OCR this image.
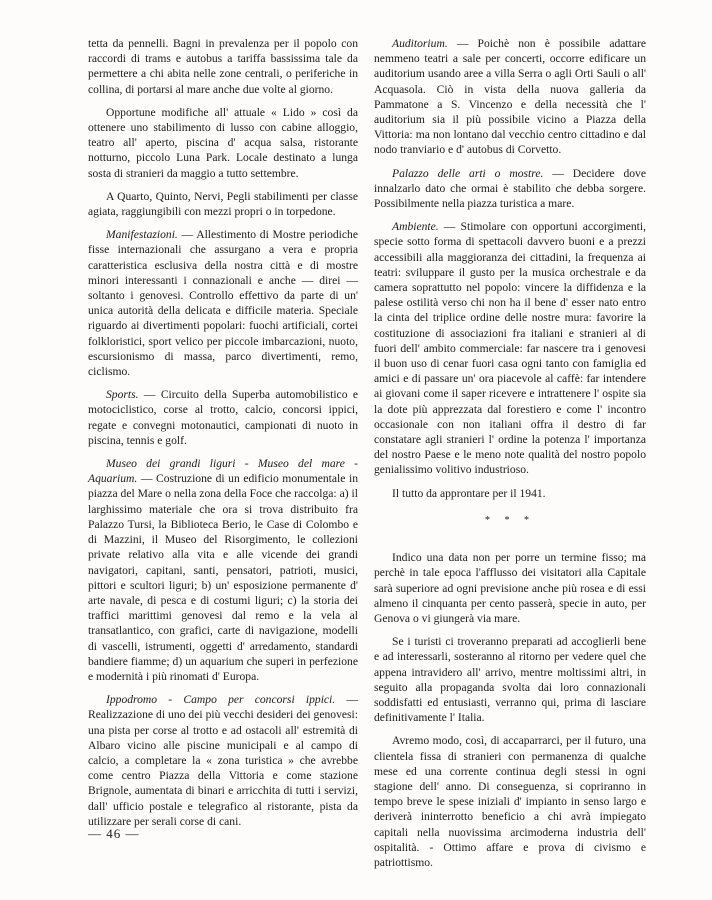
tetta da pennelli. Bagni in prevalenza per il popolo con raccordi di trams e autobus a tariffa bassissima tale da permettere a chi abita nelle zone centrali, o periferiche in collina, di portarsi al mare anche due volte al giorno.

Opportune modifiche all' attuale « Lido » così da ottenere uno stabilimento di lusso con cabine alloggio, teatro all' aperto, piscina d' acqua salsa, ristorante notturno, piccolo Luna Park. Locale destinato a lunga sosta di stranieri da maggio a tutto settembre.

A Quarto, Quinto, Nervi, Pegli stabilimenti per classe agiata, raggiungibili con mezzi propri o in torpedone.

Manifestazioni. — Allestimento di Mostre periodiche fisse internazionali che assurgano a vera e propria caratteristica esclusiva della nostra città e di mostre minori interessanti i connazionali e anche — direi — soltanto i genovesi. Controllo effettivo da parte di un' unica autorità della delicata e difficile materia. Speciale riguardo ai divertimenti popolari: fuochi artificiali, cortei folkloristici, sport velico per piccole imbarcazioni, nuoto, escursionismo di massa, parco divertimenti, remo, ciclismo.

Sports. — Circuito della Superba automobilistico e motociclistico, corse al trotto, calcio, concorsi ippici, regate e convegni motonautici, campionati di nuoto in piscina, tennis e golf.

Museo dei grandi liguri - Museo del mare - Aquarium. — Costruzione di un edificio monumentale in piazza del Mare o nella zona della Foce che raccolga: a) il larghissimo materiale che ora si trova distribuito fra Palazzo Tursi, la Biblioteca Berio, le Case di Colombo e di Mazzini, il Museo del Risorgimento, le collezioni private relativo alla vita e alle vicende dei grandi navigatori, capitani, santi, pensatori, patrioti, musici, pittori e scultori liguri; b) un' esposizione permanente d' arte navale, di pesca e di costumi liguri; c) la storia dei traffici marittimi genovesi dal remo e la vela al transatlantico, con grafici, carte di navigazione, modelli di vascelli, istrumenti, oggetti d' arredamento, standardi bandiere fiamme; d) un aquarium che superi in perfezione e modernità i più rinomati d' Europa.

Ippodromo - Campo per concorsi ippici. — Realizzazione di uno dei più vecchi desideri dei genovesi: una pista per corse al trotto e ad ostacoli all' estremità di Albaro vicino alle piscine municipali e al campo di calcio, a completare la « zona turistica » che avrebbe come centro Piazza della Vittoria e come stazione Brignole, aumentata di binari e arricchita di tutti i servizi, dall' ufficio postale e telegrafico al ristorante, pista da utilizzare per serali corse di cani.

Auditorium. — Poichè non è possibile adattare nemmeno teatri a sale per concerti, occorre edificare un auditorium usando aree a villa Serra o agli Orti Sauli o all' Acquasola. Ciò in vista della nuova galleria da Pammatone a S. Vincenzo e della necessità che l' auditorium sia il più possibile vicino a Piazza della Vittoria: ma non lontano dal vecchio centro cittadino e dal nodo tranviario e d' autobus di Corvetto.

Palazzo delle arti o mostre. — Decidere dove innalzarlo dato che ormai è stabilito che debba sorgere. Possibilmente nella piazza turistica a mare.

Ambiente. — Stimolare con opportuni accorgimenti, specie sotto forma di spettacoli davvero buoni e a prezzi accessibili alla maggioranza dei cittadini, la frequenza ai teatri: sviluppare il gusto per la musica orchestrale e da camera soprattutto nel popolo: vincere la diffidenza e la palese ostilità verso chi non ha il bene d' esser nato entro la cinta del triplice ordine delle nostre mura: favorire la costituzione di associazioni fra italiani e stranieri al di fuori dell' ambito commerciale: far nascere tra i genovesi il buon uso di cenar fuori casa ogni tanto con famiglia ed amici e di passare un' ora piacevole al caffè: far intendere ai giovani come il saper ricevere e intrattenere l' ospite sia la dote più apprezzata dal forestiero e come l' incontro occasionale con non italiani offra il destro di far constatare agli stranieri l' ordine la potenza l' importanza del nostro Paese e le meno note qualità del nostro popolo genialissimo volitivo industrioso.

Il tutto da approntare per il 1941.

* * *

Indico una data non per porre un termine fisso; ma perchè in tale epoca l'afflusso dei visitatori alla Capitale sarà superiore ad ogni previsione anche più rosea e di essi almeno il cinquanta per cento passerà, specie in auto, per Genova o vi giungerà via mare.

Se i turisti ci troveranno preparati ad accoglierli bene e ad interessarli, sosteranno al ritorno per vedere quel che appena intravidero all' arrivo, mentre moltissimi altri, in seguito alla propaganda svolta dai loro connazionali soddisfatti ed entusiasti, verranno qui, prima di lasciare definitivamente l' Italia.

Avremo modo, così, di accaparrarci, per il futuro, una clientela fissa di stranieri con permanenza di qualche mese ed una corrente continua degli stessi in ogni stagione dell' anno. Di conseguenza, si copriranno in tempo breve le spese iniziali d' impianto in senso largo e deriverà ininterrotto beneficio a chi avrà impiegato capitali nella nuovissima arcimoderna industria dell' ospitalità. - Ottimo affare e prova di civismo e patriottismo.

— 46 —
